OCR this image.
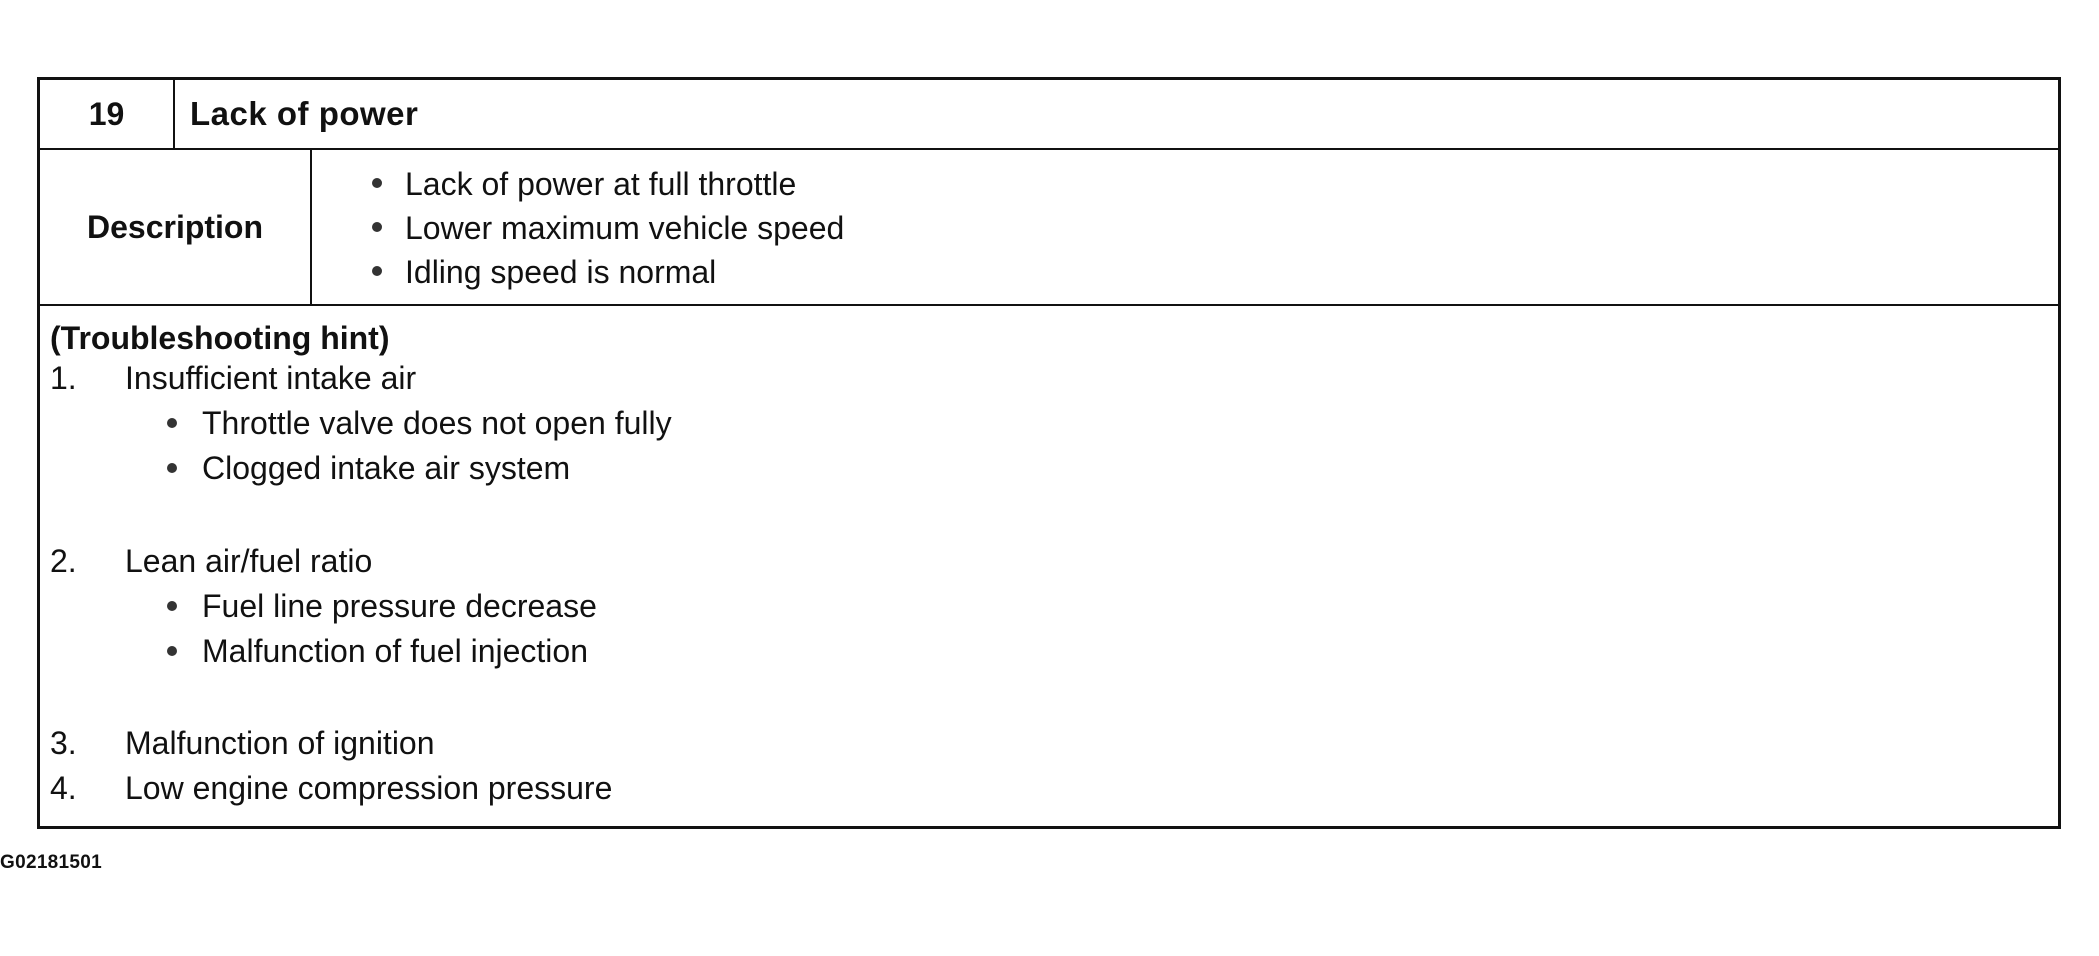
19	Lack of power
Description
Lack of power at full throttle
Lower maximum vehicle speed
Idling speed is normal
(Troubleshooting hint)
1.	Insufficient intake air
Throttle valve does not open fully
Clogged intake air system
2.	Lean air/fuel ratio
Fuel line pressure decrease
Malfunction of fuel injection
3.	Malfunction of ignition
4.	Low engine compression pressure
G02181501
